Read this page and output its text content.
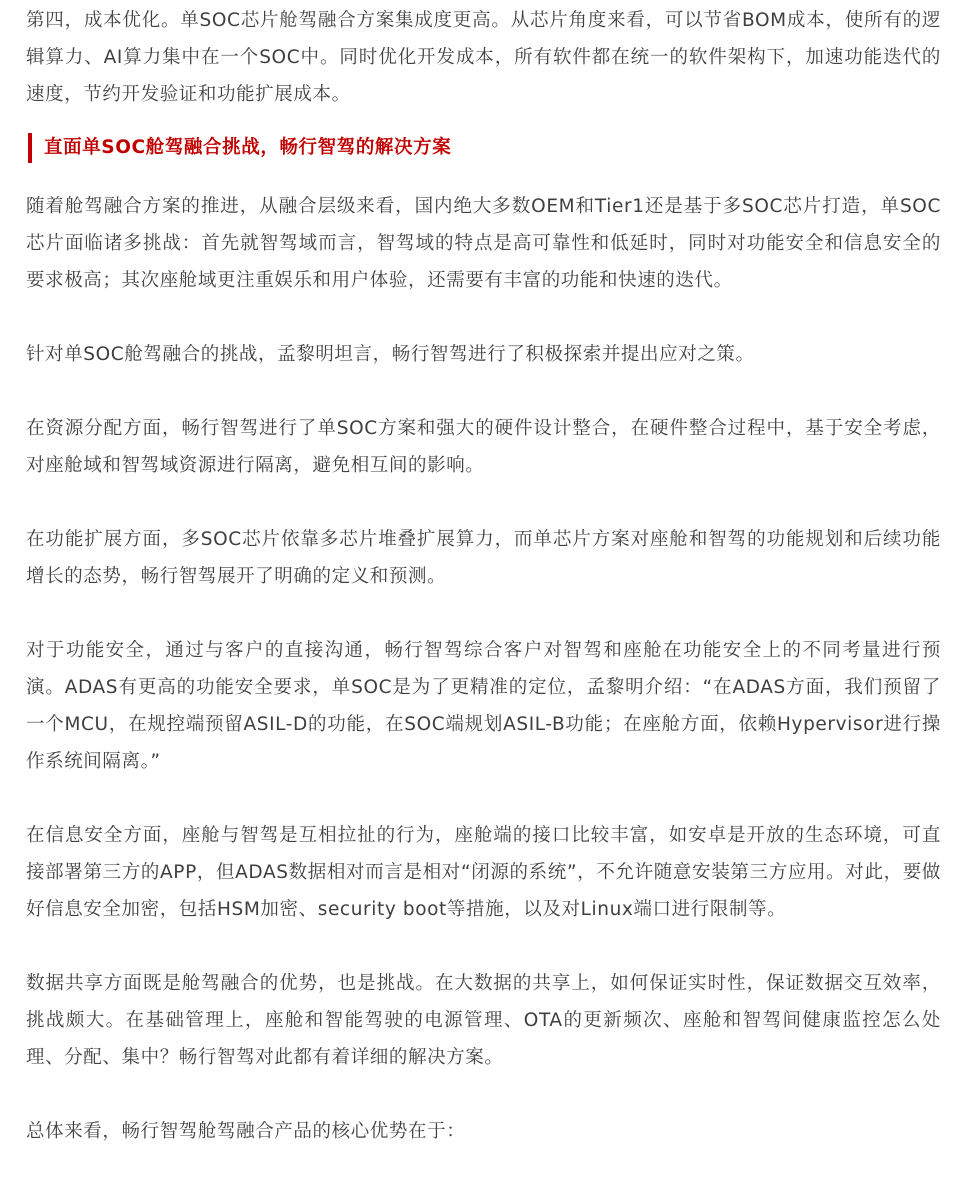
第四，成本优化。单SOC芯片舱驾融合方案集成度更高。从芯片角度来看，可以节省BOM成本，使所有的逻辑算力、AI算力集中在一个SOC中。同时优化开发成本，所有软件都在统一的软件架构下，加速功能迭代的速度，节约开发验证和功能扩展成本。

直面单SOC舱驾融合挑战，畅行智驾的解决方案

随着舱驾融合方案的推进，从融合层级来看，国内绝大多数OEM和Tier1还是基于多SOC芯片打造，单SOC芯片面临诸多挑战：首先就智驾域而言，智驾域的特点是高可靠性和低延时，同时对功能安全和信息安全的要求极高；其次座舱域更注重娱乐和用户体验，还需要有丰富的功能和快速的迭代。

针对单SOC舱驾融合的挑战，孟黎明坦言，畅行智驾进行了积极探索并提出应对之策。

在资源分配方面，畅行智驾进行了单SOC方案和强大的硬件设计整合，在硬件整合过程中，基于安全考虑，对座舱域和智驾域资源进行隔离，避免相互间的影响。

在功能扩展方面，多SOC芯片依靠多芯片堆叠扩展算力，而单芯片方案对座舱和智驾的功能规划和后续功能增长的态势，畅行智驾展开了明确的定义和预测。

对于功能安全，通过与客户的直接沟通，畅行智驾综合客户对智驾和座舱在功能安全上的不同考量进行预演。ADAS有更高的功能安全要求，单SOC是为了更精准的定位，孟黎明介绍：“在ADAS方面，我们预留了一个MCU，在规控端预留ASIL-D的功能，在SOC端规划ASIL-B功能；在座舱方面，依赖Hypervisor进行操作系统间隔离。”

在信息安全方面，座舱与智驾是互相拉扯的行为，座舱端的接口比较丰富，如安卓是开放的生态环境，可直接部署第三方的APP，但ADAS数据相对而言是相对“闭源的系统”，不允许随意安装第三方应用。对此，要做好信息安全加密，包括HSM加密、security boot等措施，以及对Linux端口进行限制等。

数据共享方面既是舱驾融合的优势，也是挑战。在大数据的共享上，如何保证实时性，保证数据交互效率，挑战颇大。在基础管理上，座舱和智能驾驶的电源管理、OTA的更新频次、座舱和智驾间健康监控怎么处理、分配、集中？畅行智驾对此都有着详细的解决方案。

总体来看，畅行智驾舱驾融合产品的核心优势在于：
